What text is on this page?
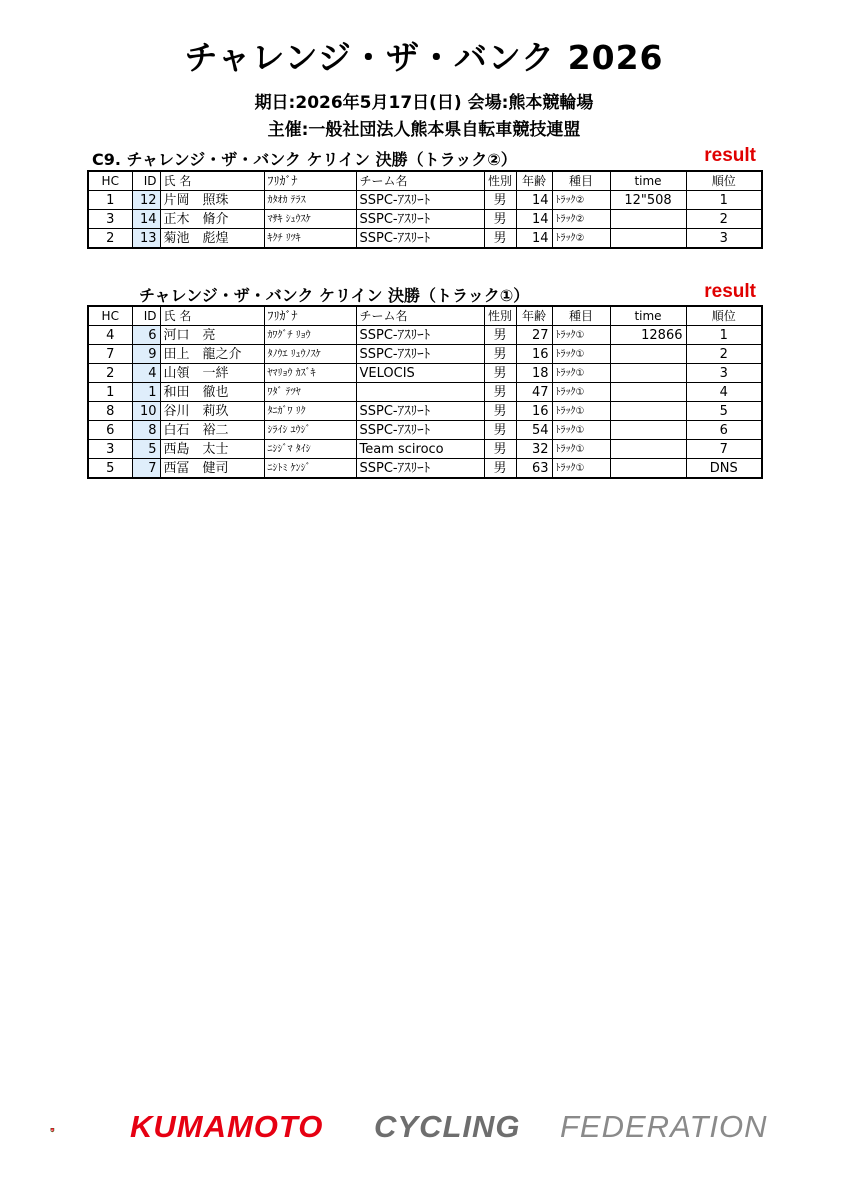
チャレンジ・ザ・バンク 2026
期日:2026年5月17日(日) 会場:熊本競輪場
主催:一般社団法人熊本県自転車競技連盟
C9. チャレンジ・ザ・バンク ケリイン 決勝（トラック②）	result
HC	ID	氏 名	ﾌﾘｶﾞﾅ	チーム名	性別	年齢	種目	time	順位
1	12	片岡　照珠	ｶﾀｵｶ ﾃﾗｽ	SSPC-ｱｽﾘｰﾄ	男	14	ﾄﾗｯｸ②	12"508	1
3	14	正木　脩介	ﾏｻｷ ｼｭｳｽｹ	SSPC-ｱｽﾘｰﾄ	男	14	ﾄﾗｯｸ②		2
2	13	菊池　彪煌	ｷｸﾁ ﾘﾂｷ	SSPC-ｱｽﾘｰﾄ	男	14	ﾄﾗｯｸ②		3
チャレンジ・ザ・バンク ケリイン 決勝（トラック①）	result
HC	ID	氏 名	ﾌﾘｶﾞﾅ	チーム名	性別	年齢	種目	time	順位
4	6	河口　亮	ｶﾜｸﾞﾁ ﾘｮｳ	SSPC-ｱｽﾘｰﾄ	男	27	ﾄﾗｯｸ①	12866	1
7	9	田上　龍之介	ﾀﾉｳｴ ﾘｭｳﾉｽｹ	SSPC-ｱｽﾘｰﾄ	男	16	ﾄﾗｯｸ①		2
2	4	山領　一絆	ﾔﾏﾘｮｳ ｶｽﾞｷ	VELOCIS	男	18	ﾄﾗｯｸ①		3
1	1	和田　徹也	ﾜﾀﾞ ﾃﾂﾔ		男	47	ﾄﾗｯｸ①		4
8	10	谷川　莉玖	ﾀﾆｶﾞﾜ ﾘｸ	SSPC-ｱｽﾘｰﾄ	男	16	ﾄﾗｯｸ①		5
6	8	白石　裕二	ｼﾗｲｼ ﾕｳｼﾞ	SSPC-ｱｽﾘｰﾄ	男	54	ﾄﾗｯｸ①		6
3	5	西島　太士	ﾆｼｼﾞﾏ ﾀｲｼ	Team sciroco	男	32	ﾄﾗｯｸ①		7
5	7	西冨　健司	ﾆｼﾄﾐ ｹﾝｼﾞ	SSPC-ｱｽﾘｰﾄ	男	63	ﾄﾗｯｸ①		DNS
K F KUMAMOTO CYCLING FEDERATION
